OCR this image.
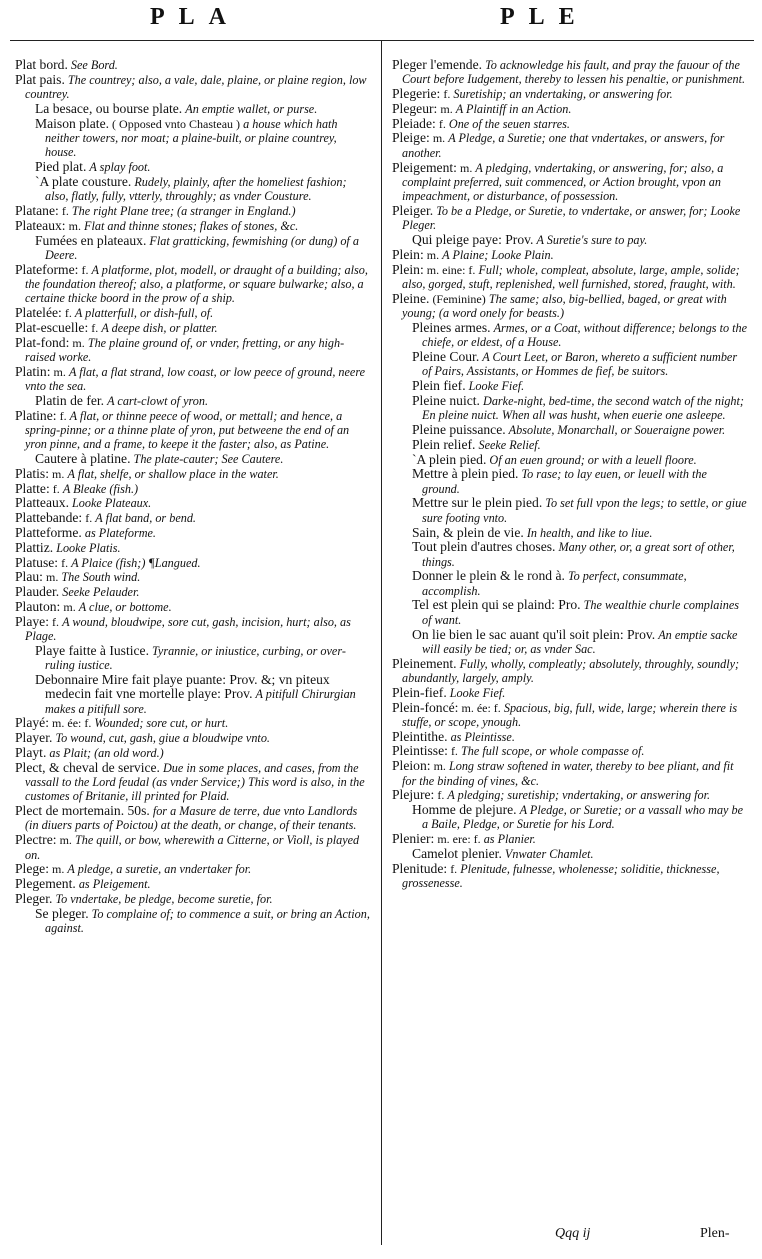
PLA	PLE

Plat bord. See Bord.

Plat pais. The countrey; also, a vale, dale, plaine, or plaine region, low countrey.

La besace, ou bourse plate. An emptie wallet, or purse.

Maison plate. ( Opposed vnto Chasteau ) a house which hath neither towers, nor moat; a plaine-built, or plaine countrey, house.

Pied plat. A splay foot.

`A plate cousture. Rudely, plainly, after the homeliest fashion; also, flatly, fully, vtterly, throughly; as vnder Cousture.

Platane: f. The right Plane tree; (a stranger in England.)

Plateaux: m. Flat and thinne stones; flakes of stones, &c.

Fumées en plateaux. Flat gratticking, fewmishing (or dung) of a Deere.

Plateforme: f. A platforme, plot, modell, or draught of a building; also, the foundation thereof; also, a platforme, or square bulwarke; also, a certaine thicke boord in the prow of a ship.

Platelée: f. A platterfull, or dish-full, of.

Plat-escuelle: f. A deepe dish, or platter.

Plat-fond: m. The plaine ground of, or vnder, fretting, or any high-raised worke.

Platin: m. A flat, a flat strand, low coast, or low peece of ground, neere vnto the sea.

Platin de fer. A cart-clowt of yron.

Platine: f. A flat, or thinne peece of wood, or mettall; and hence, a spring-pinne; or a thinne plate of yron, put betweene the end of an yron pinne, and a frame, to keepe it the faster; also, as Patine.

Cautere à platine. The plate-cauter; See Cautere.

Platis: m. A flat, shelfe, or shallow place in the water.

Platte: f. A Bleake (fish.)

Platteaux. Looke Plateaux.

Plattebande: f. A flat band, or bend.

Platteforme. as Plateforme.

Plattiz. Looke Platis.

Platuse: f. A Plaice (fish;) ¶Langued.

Plau: m. The South wind.

Plauder. Seeke Pelauder.

Plauton: m. A clue, or bottome.

Playe: f. A wound, bloudwipe, sore cut, gash, incision, hurt; also, as Plage.

Playe faitte à Iustice. Tyrannie, or iniustice, curbing, or over-ruling iustice.

Debonnaire Mire fait playe puante: Prov. &; vn piteux medecin fait vne mortelle playe: Prov. A pitifull Chirurgian makes a pitifull sore.

Playé: m. ée: f. Wounded; sore cut, or hurt.

Player. To wound, cut, gash, giue a bloudwipe vnto.

Playt. as Plait; (an old word.)

Plect, & cheval de service. Due in some places, and cases, from the vassall to the Lord feudal (as vnder Service;) This word is also, in the customes of Britanie, ill printed for Plaid.

Plect de mortemain. 50s. for a Masure de terre, due vnto Landlords (in diuers parts of Poictou) at the death, or change, of their tenants.

Plectre: m. The quill, or bow, wherewith a Citterne, or Violl, is played on.

Plege: m. A pledge, a suretie, an vndertaker for.

Plegement. as Pleigement.

Pleger. To vndertake, be pledge, become suretie, for.

Se pleger. To complaine of; to commence a suit, or bring an Action, against.

Pleger l'emende. To acknowledge his fault, and pray the fauour of the Court before Iudgement, thereby to lessen his penaltie, or punishment.

Plegerie: f. Suretiship; an vndertaking, or answering for.

Plegeur: m. A Plaintiff in an Action.

Pleiade: f. One of the seuen starres.

Pleige: m. A Pledge, a Suretie; one that vndertakes, or answers, for another.

Pleigement: m. A pledging, vndertaking, or answering, for; also, a complaint preferred, suit commenced, or Action brought, vpon an impeachment, or disturbance, of possession.

Pleiger. To be a Pledge, or Suretie, to vndertake, or answer, for; Looke Pleger.

Qui pleige paye: Prov. A Suretie's sure to pay.

Plein: m. A Plaine; Looke Plain.

Plein: m. eine: f. Full; whole, compleat, absolute, large, ample, solide; also, gorged, stuft, replenished, well furnished, stored, fraught, with.

Pleine. (Feminine) The same; also, big-bellied, baged, or great with young; (a word onely for beasts.)

Pleines armes. Armes, or a Coat, without difference; belongs to the chiefe, or eldest, of a House.

Pleine Cour. A Court Leet, or Baron, whereto a sufficient number of Pairs, Assistants, or Hommes de fief, be suitors.

Plein fief. Looke Fief.

Pleine nuict. Darke-night, bed-time, the second watch of the night; En pleine nuict. When all was husht, when euerie one asleepe.

Pleine puissance. Absolute, Monarchall, or Soueraigne power.

Plein relief. Seeke Relief.

`A plein pied. Of an euen ground; or with a leuell floore.

Mettre à plein pied. To rase; to lay euen, or leuell with the ground.

Mettre sur le plein pied. To set full vpon the legs; to settle, or giue sure footing vnto.

Sain, & plein de vie. In health, and like to liue.

Tout plein d'autres choses. Many other, or, a great sort of other, things.

Donner le plein & le rond à. To perfect, consummate, accomplish.

Tel est plein qui se plaind: Pro. The wealthie churle complaines of want.

On lie bien le sac auant qu'il soit plein: Prov. An emptie sacke will easily be tied; or, as vnder Sac.

Pleinement. Fully, wholly, compleatly; absolutely, throughly, soundly; abundantly, largely, amply.

Plein-fief. Looke Fief.

Plein-foncé: m. ée: f. Spacious, big, full, wide, large; wherein there is stuffe, or scope, ynough.

Pleintithe. as Pleintisse.

Pleintisse: f. The full scope, or whole compasse of.

Pleion: m. Long straw softened in water, thereby to bee pliant, and fit for the binding of vines, &c.

Plejure: f. A pledging; suretiship; vndertaking, or answering for.

Homme de plejure. A Pledge, or Suretie; or a vassall who may be a Baile, Pledge, or Suretie for his Lord.

Plenier: m. ere: f. as Planier.

Camelot plenier. Vnwater Chamlet.

Plenitude: f. Plenitude, fulnesse, wholenesse; soliditie, thicknesse, grossenesse.

Qqq ij	Plen-
